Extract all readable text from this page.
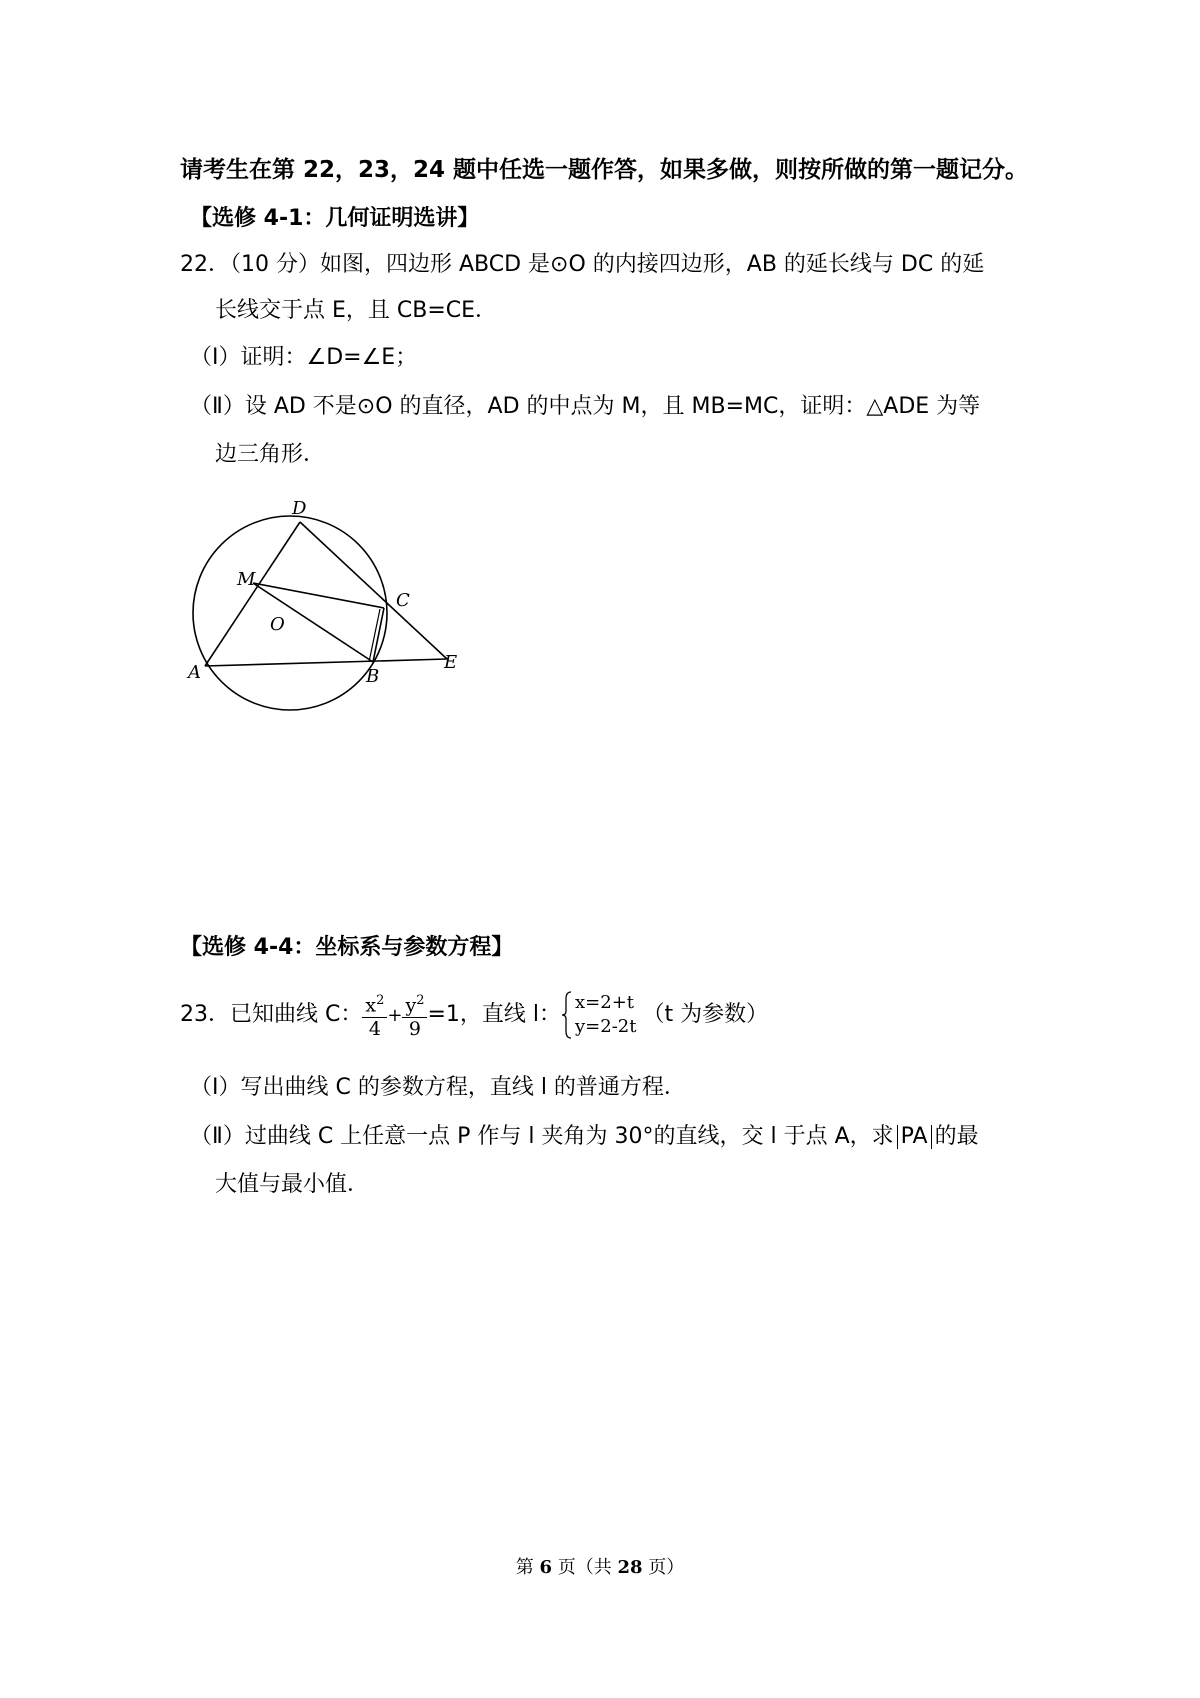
请考生在第 22，23，24 题中任选一题作答，如果多做，则按所做的第一题记分。
【选修 4-1：几何证明选讲】
22．（10 分）如图，四边形 ABCD 是⊙O 的内接四边形，AB 的延长线与 DC 的延
长线交于点 E，且 CB=CE．
（Ⅰ）证明：∠D=∠E；
（Ⅱ）设 AD 不是⊙O 的直径，AD 的中点为 M，且 MB=MC，证明：△ADE 为等
边三角形．
D
M
C
O
A	B
E
【选修 4-4：坐标系与参数方程】
23．已知曲线 C： $\frac{x^2}{4} + \frac{y^2}{9} =1$，直线 l： x=2+t
y=2-2t （t 为参数）
（Ⅰ）写出曲线 C 的参数方程，直线 l 的普通方程．
（Ⅱ）过曲线 C 上任意一点 P 作与 l 夹角为 30°的直线，交 l 于点 A，求 PA 的最
大值与最小值．
第 6 页（共 28 页）
